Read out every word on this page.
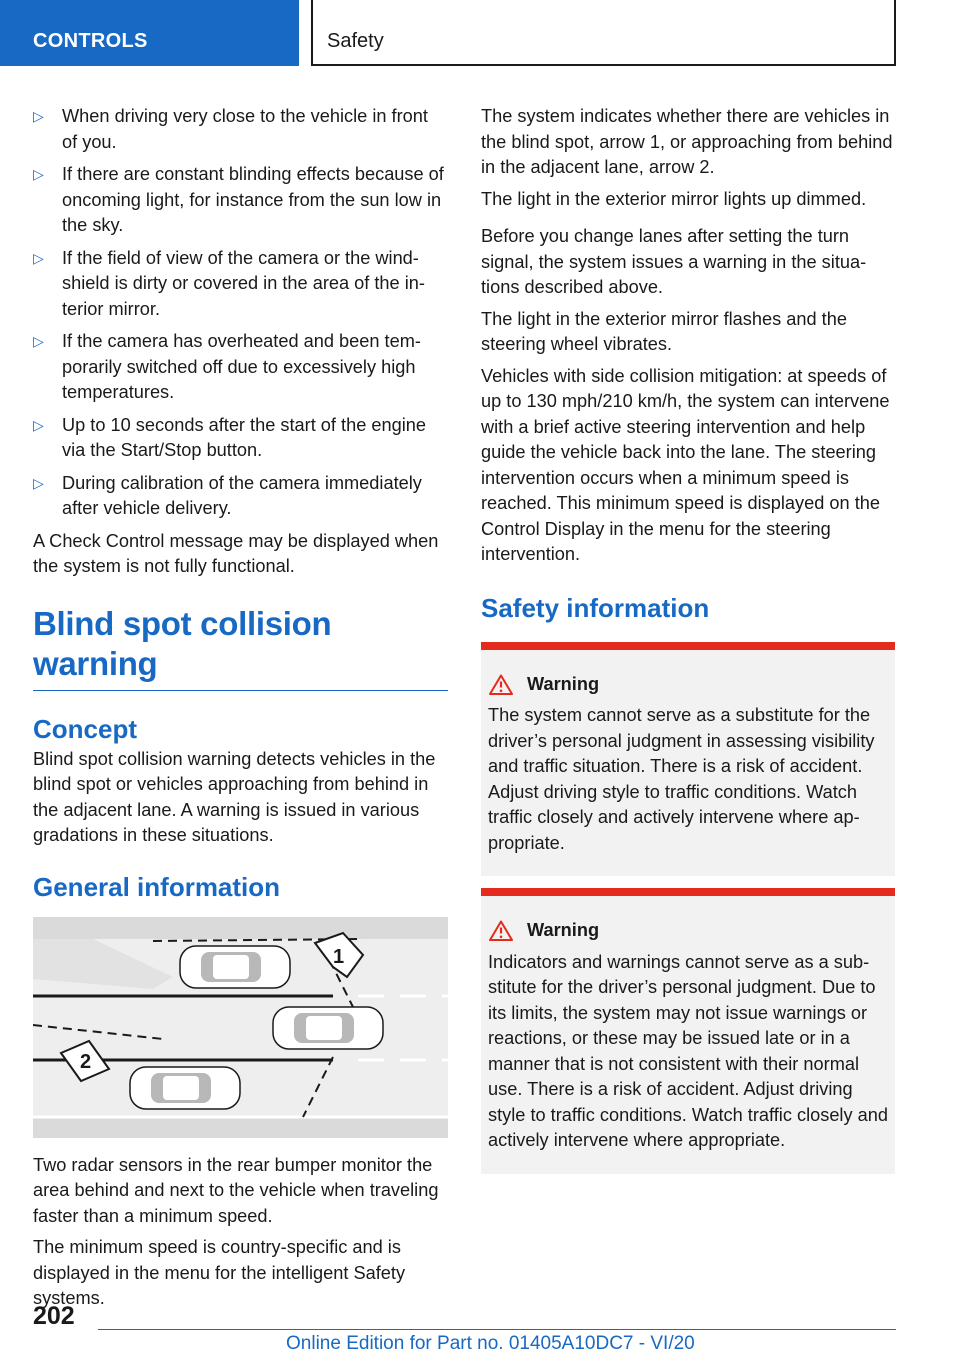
CONTROLS	Safety
▷ When driving very close to the vehicle in front of you.
▷ If there are constant blinding effects because of oncoming light, for instance from the sun low in the sky.
▷ If the field of view of the camera or the windshield is dirty or covered in the area of the interior mirror.
▷ If the camera has overheated and been temporarily switched off due to excessively high temperatures.
▷ Up to 10 seconds after the start of the engine via the Start/Stop button.
▷ During calibration of the camera immediately after vehicle delivery.

A Check Control message may be displayed when the system is not fully functional.

Blind spot collision warning
Concept

Blind spot collision warning detects vehicles in the blind spot or vehicles approaching from behind in the adjacent lane. A warning is issued in various gradations in these situations.

General information
1
2

Two radar sensors in the rear bumper monitor the area behind and next to the vehicle when traveling faster than a minimum speed.

The minimum speed is country-specific and is displayed in the menu for the intelligent Safety systems.

The system indicates whether there are vehicles in the blind spot, arrow 1, or approaching from behind in the adjacent lane, arrow 2.

The light in the exterior mirror lights up dimmed.

Before you change lanes after setting the turn signal, the system issues a warning in the situations described above.

The light in the exterior mirror flashes and the steering wheel vibrates.

Vehicles with side collision mitigation: at speeds of up to 130 mph/210 km/h, the system can intervene with a brief active steering intervention and help guide the vehicle back into the lane. The steering intervention occurs when a minimum speed is reached. This minimum speed is displayed on the Control Display in the menu for the steering intervention.

Safety information
Warning

The system cannot serve as a substitute for the driver’s personal judgment in assessing visibility and traffic situation. There is a risk of accident. Adjust driving style to traffic conditions. Watch traffic closely and actively intervene where appropriate.

Warning

Indicators and warnings cannot serve as a substitute for the driver’s personal judgment. Due to its limits, the system may not issue warnings or reactions, or these may be issued late or in a manner that is not consistent with their normal use. There is a risk of accident. Adjust driving style to traffic conditions. Watch traffic closely and actively intervene where appropriate.

202
Online Edition for Part no. 01405A10DC7 - VI/20
